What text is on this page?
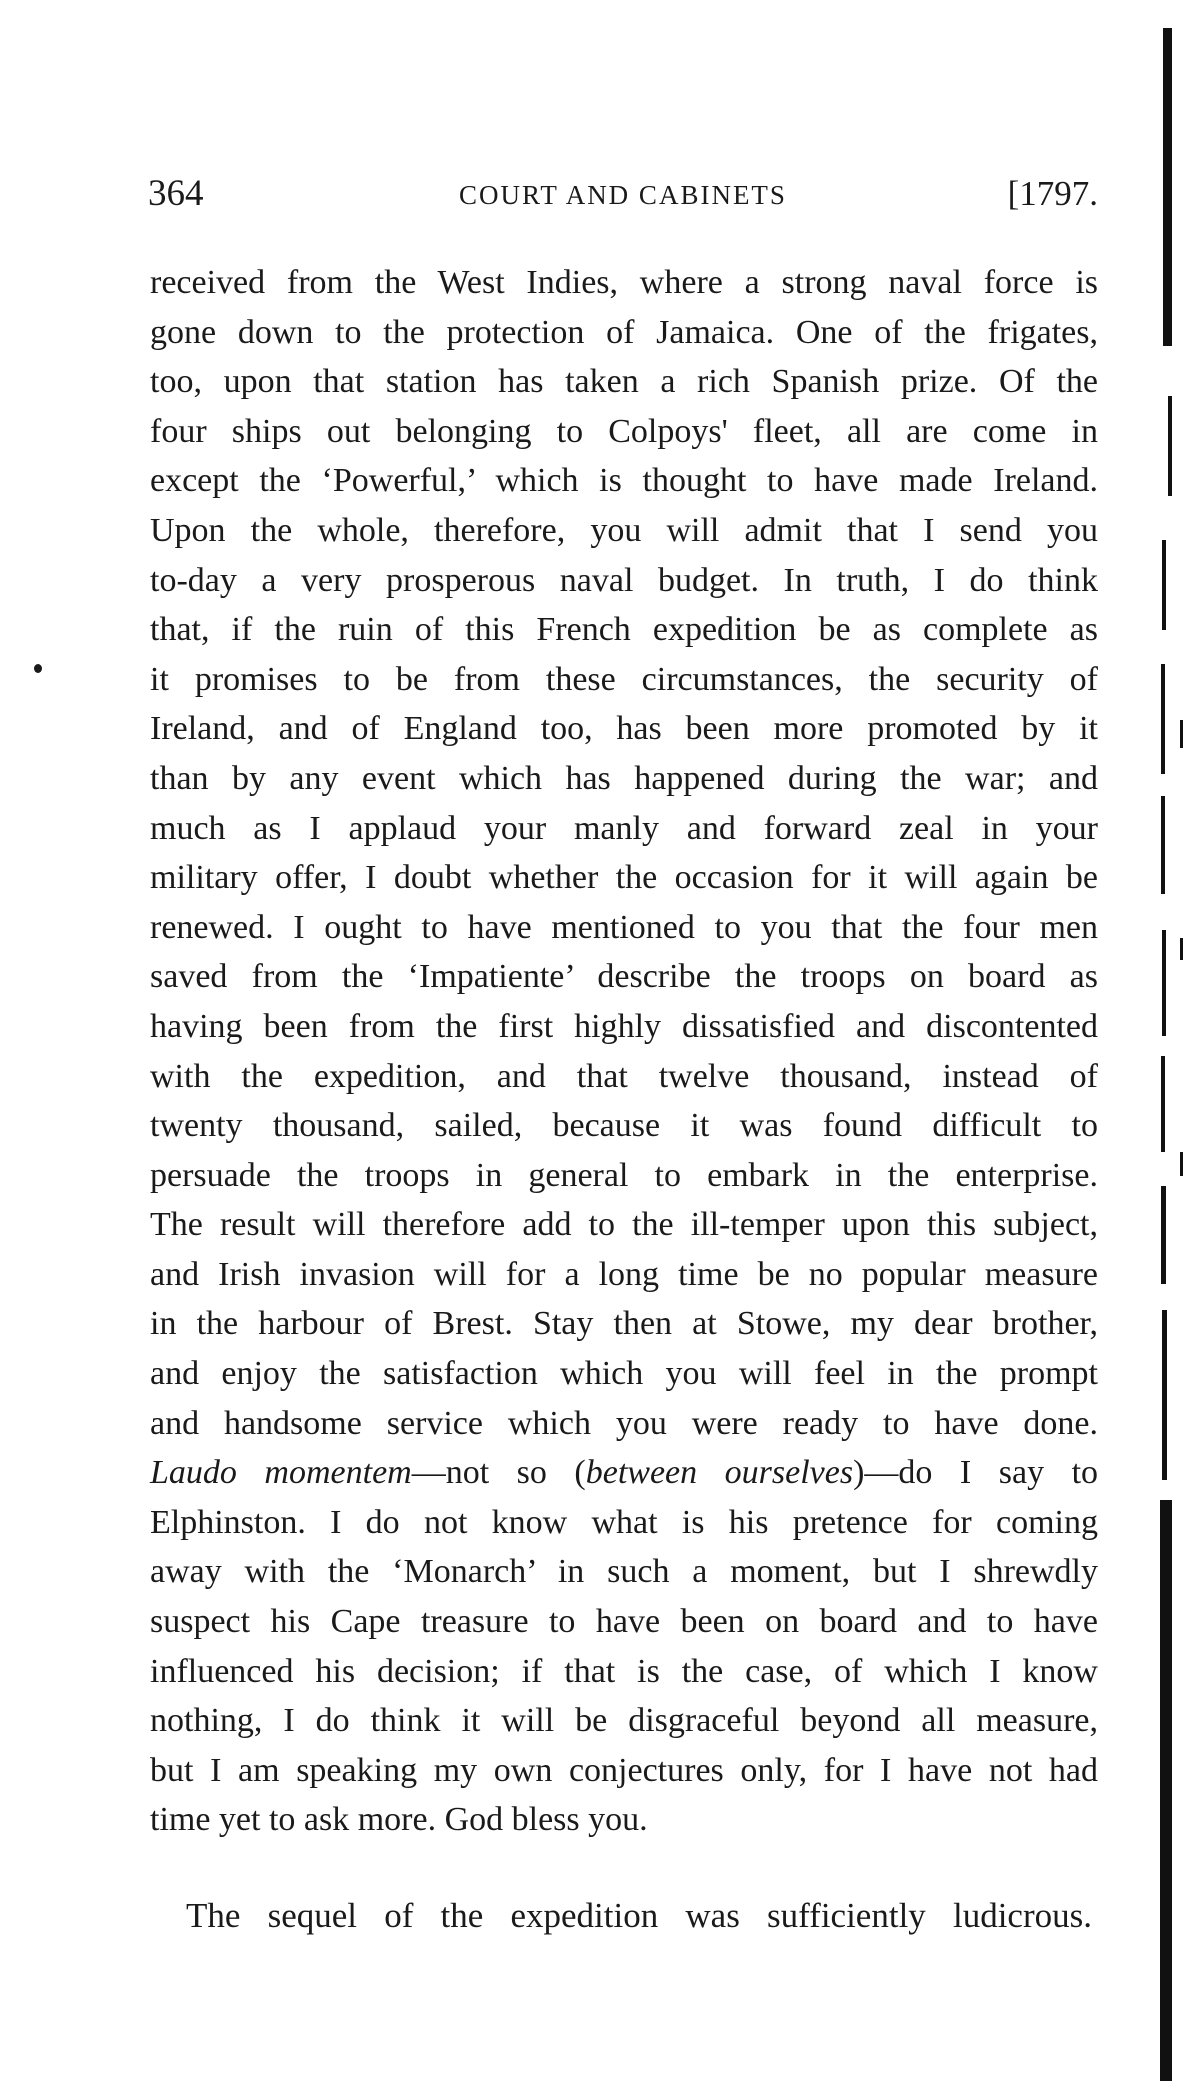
364	COURT AND CABINETS	[1797.

received from the West Indies, where a strong naval force is
gone down to the protection of Jamaica. One of the frigates,
too, upon that station has taken a rich Spanish prize. Of the
four ships out belonging to Colpoys' fleet, all are come in
except the ‘Powerful,’ which is thought to have made Ireland.
Upon the whole, therefore, you will admit that I send you
to-day a very prosperous naval budget. In truth, I do think
that, if the ruin of this French expedition be as complete as
it promises to be from these circumstances, the security of
Ireland, and of England too, has been more promoted by it
than by any event which has happened during the war; and
much as I applaud your manly and forward zeal in your
military offer, I doubt whether the occasion for it will again be
renewed. I ought to have mentioned to you that the four men
saved from the ‘Impatiente’ describe the troops on board as
having been from the first highly dissatisfied and discontented
with the expedition, and that twelve thousand, instead of
twenty thousand, sailed, because it was found difficult to
persuade the troops in general to embark in the enterprise.
The result will therefore add to the ill-temper upon this subject,
and Irish invasion will for a long time be no popular measure
in the harbour of Brest. Stay then at Stowe, my dear brother,
and enjoy the satisfaction which you will feel in the prompt
and handsome service which you were ready to have done.
Laudo momentem—not so (between ourselves)—do I say to
Elphinston. I do not know what is his pretence for coming
away with the ‘Monarch’ in such a moment, but I shrewdly
suspect his Cape treasure to have been on board and to have
influenced his decision; if that is the case, of which I know
nothing, I do think it will be disgraceful beyond all measure,
but I am speaking my own conjectures only, for I have not had
time yet to ask more. God bless you.

The sequel of the expedition was sufficiently ludicrous.
